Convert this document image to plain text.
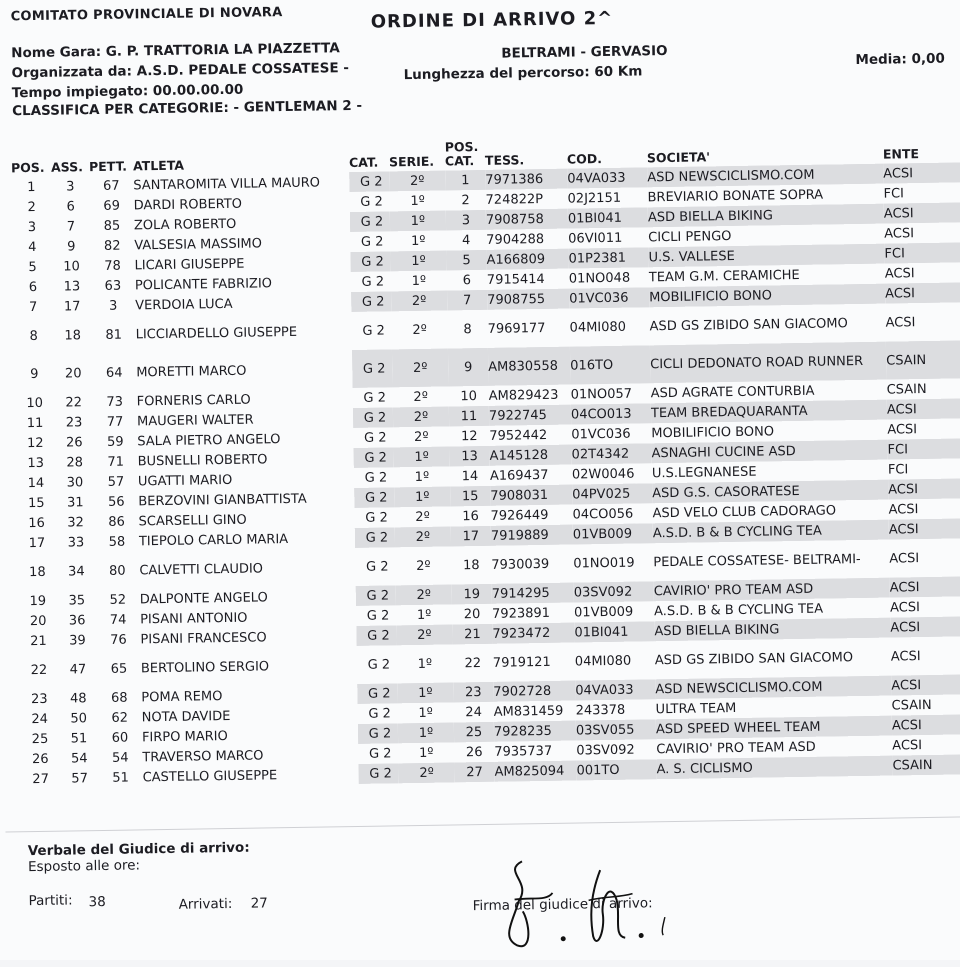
COMITATO PROVINCIALE DI NOVARA	ORDINE DI ARRIVO 2^
Nome Gara: G. P. TRATTORIA LA PIAZZETTA
Organizzata da: A.S.D. PEDALE COSSATESE -
BELTRAMI - GERVASIO
Lunghezza del percorso: 60 Km
Tempo impiegato: 00.00.00.00
CLASSIFICA PER CATEGORIE: - GENTLEMAN 2 -
Media: 0,00
POS.	ASS.	PETT.	ATLETA	CAT.	SERIE.	POS. CAT.	TESS.	COD.	SOCIETA'	ENTE
1	3	67	SANTAROMITA VILLA MAURO	G 2	2º	1	7971386	04VA033	ASD NEWSCICLISMO.COM	ACSI
2	6	69	DARDI ROBERTO	G 2	1º	2	724822P	02J2151	BREVIARIO BONATE SOPRA	FCI
3	7	85	ZOLA ROBERTO	G 2	1º	3	7908758	01BI041	ASD BIELLA BIKING	ACSI
4	9	82	VALSESIA MASSIMO	G 2	1º	4	7904288	06VI011	CICLI PENGO	ACSI
5	10	78	LICARI GIUSEPPE	G 2	1º	5	A166809	01P2381	U.S. VALLESE	FCI
6	13	63	POLICANTE FABRIZIO	G 2	1º	6	7915414	01NO048	TEAM G.M. CERAMICHE	ACSI
7	17	3	VERDOIA LUCA	G 2	2º	7	7908755	01VC036	MOBILIFICIO BONO	ACSI
8	18	81	LICCIARDELLO GIUSEPPE	G 2	2º	8	7969177	04MI080	ASD GS ZIBIDO SAN GIACOMO	ACSI
9	20	64	MORETTI MARCO	G 2	2º	9	AM830558	016TO	CICLI DEDONATO ROAD RUNNER	CSAIN
10	22	73	FORNERIS CARLO	G 2	2º	10	AM829423	01NO057	ASD AGRATE CONTURBIA	CSAIN
11	23	77	MAUGERI WALTER	G 2	2º	11	7922745	04CO013	TEAM BREDAQUARANTA	ACSI
12	26	59	SALA PIETRO ANGELO	G 2	2º	12	7952442	01VC036	MOBILIFICIO BONO	ACSI
13	28	71	BUSNELLI ROBERTO	G 2	1º	13	A145128	02T4342	ASNAGHI CUCINE ASD	FCI
14	30	57	UGATTI MARIO	G 2	1º	14	A169437	02W0046	U.S.LEGNANESE	FCI
15	31	56	BERZOVINI GIANBATTISTA	G 2	1º	15	7908031	04PV025	ASD G.S. CASORATESE	ACSI
16	32	86	SCARSELLI GINO	G 2	2º	16	7926449	04CO056	ASD VELO CLUB CADORAGO	ACSI
17	33	58	TIEPOLO CARLO MARIA	G 2	2º	17	7919889	01VB009	A.S.D. B & B CYCLING TEA	ACSI
18	34	80	CALVETTI CLAUDIO	G 2	2º	18	7930039	01NO019	PEDALE COSSATESE- BELTRAMI-	ACSI
19	35	52	DALPONTE ANGELO	G 2	2º	19	7914295	03SV092	CAVIRIO' PRO TEAM ASD	ACSI
20	36	74	PISANI ANTONIO	G 2	1º	20	7923891	01VB009	A.S.D. B & B CYCLING TEA	ACSI
21	39	76	PISANI FRANCESCO	G 2	2º	21	7923472	01BI041	ASD BIELLA BIKING	ACSI
22	47	65	BERTOLINO SERGIO	G 2	1º	22	7919121	04MI080	ASD GS ZIBIDO SAN GIACOMO	ACSI
23	48	68	POMA REMO	G 2	1º	23	7902728	04VA033	ASD NEWSCICLISMO.COM	ACSI
24	50	62	NOTA DAVIDE	G 2	1º	24	AM831459	243378	ULTRA TEAM	CSAIN
25	51	60	FIRPO MARIO	G 2	1º	25	7928235	03SV055	ASD SPEED WHEEL TEAM	ACSI
26	54	54	TRAVERSO MARCO	G 2	1º	26	7935737	03SV092	CAVIRIO' PRO TEAM ASD	ACSI
27	57	51	CASTELLO GIUSEPPE	G 2	2º	27	AM825094	001TO	A. S. CICLISMO	CSAIN
Verbale del Giudice di arrivo:
Esposto alle ore:
Partiti: 38	Arrivati: 27	Firma del giudice di arrivo:
